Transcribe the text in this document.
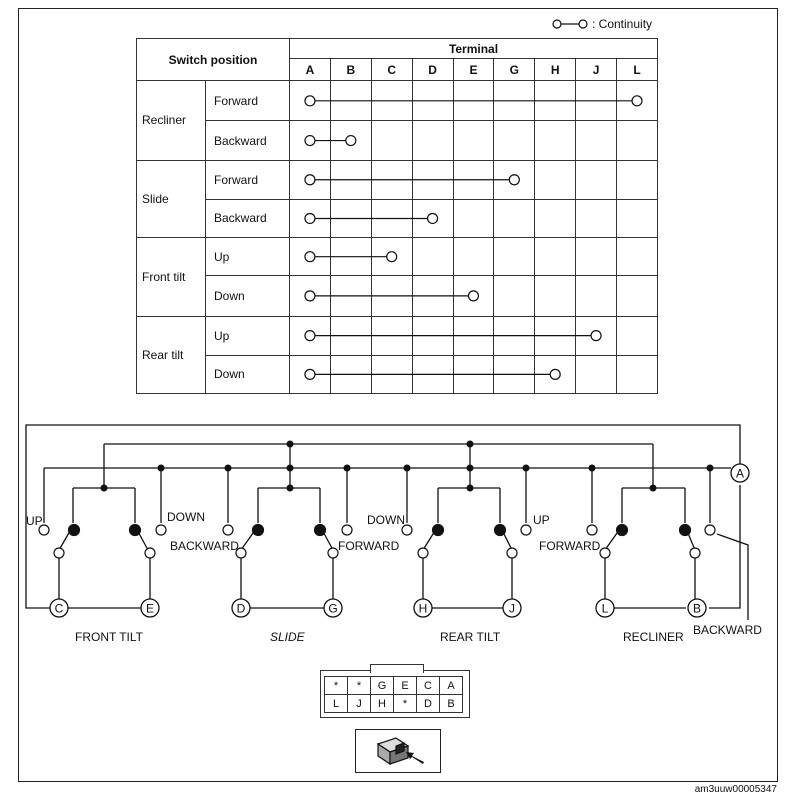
: Continuity
Switch position		Terminal								
		A	B	C	D	E	G	H	J	L
Recliner	Forward									
	Backward									
Slide	Forward									
	Backward									
Front tilt	Up									
	Down									
Rear tilt	Up									
	Down									
A
C	E	D	G	H	J	L	B
UP	DOWN
BACKWARD	FORWARD
DOWN	UP
FORWARD
BACKWARD
FRONT TILT	SLIDE	REAR TILT	RECLINER
*	*	G	E	C	A
L	J	H	*	D	B
am3uuw00005347
